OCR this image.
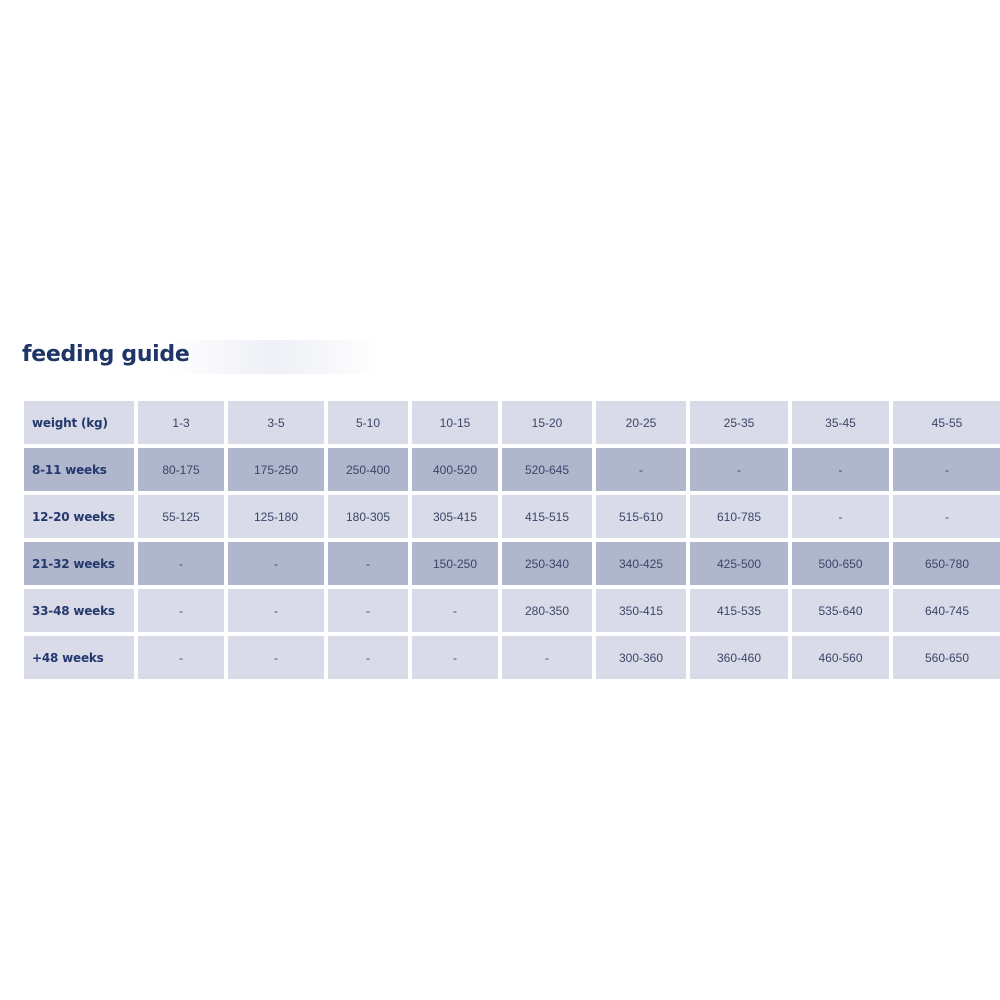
feeding guide
weight (kg)	1-3	3-5	5-10	10-15	15-20	20-25	25-35	35-45	45-55
8-11 weeks	80-175	175-250	250-400	400-520	520-645	-	-	-	-
12-20 weeks	55-125	125-180	180-305	305-415	415-515	515-610	610-785	-	-
21-32 weeks	-	-	-	150-250	250-340	340-425	425-500	500-650	650-780
33-48 weeks	-	-	-	-	280-350	350-415	415-535	535-640	640-745
+48 weeks	-	-	-	-	-	300-360	360-460	460-560	560-650
